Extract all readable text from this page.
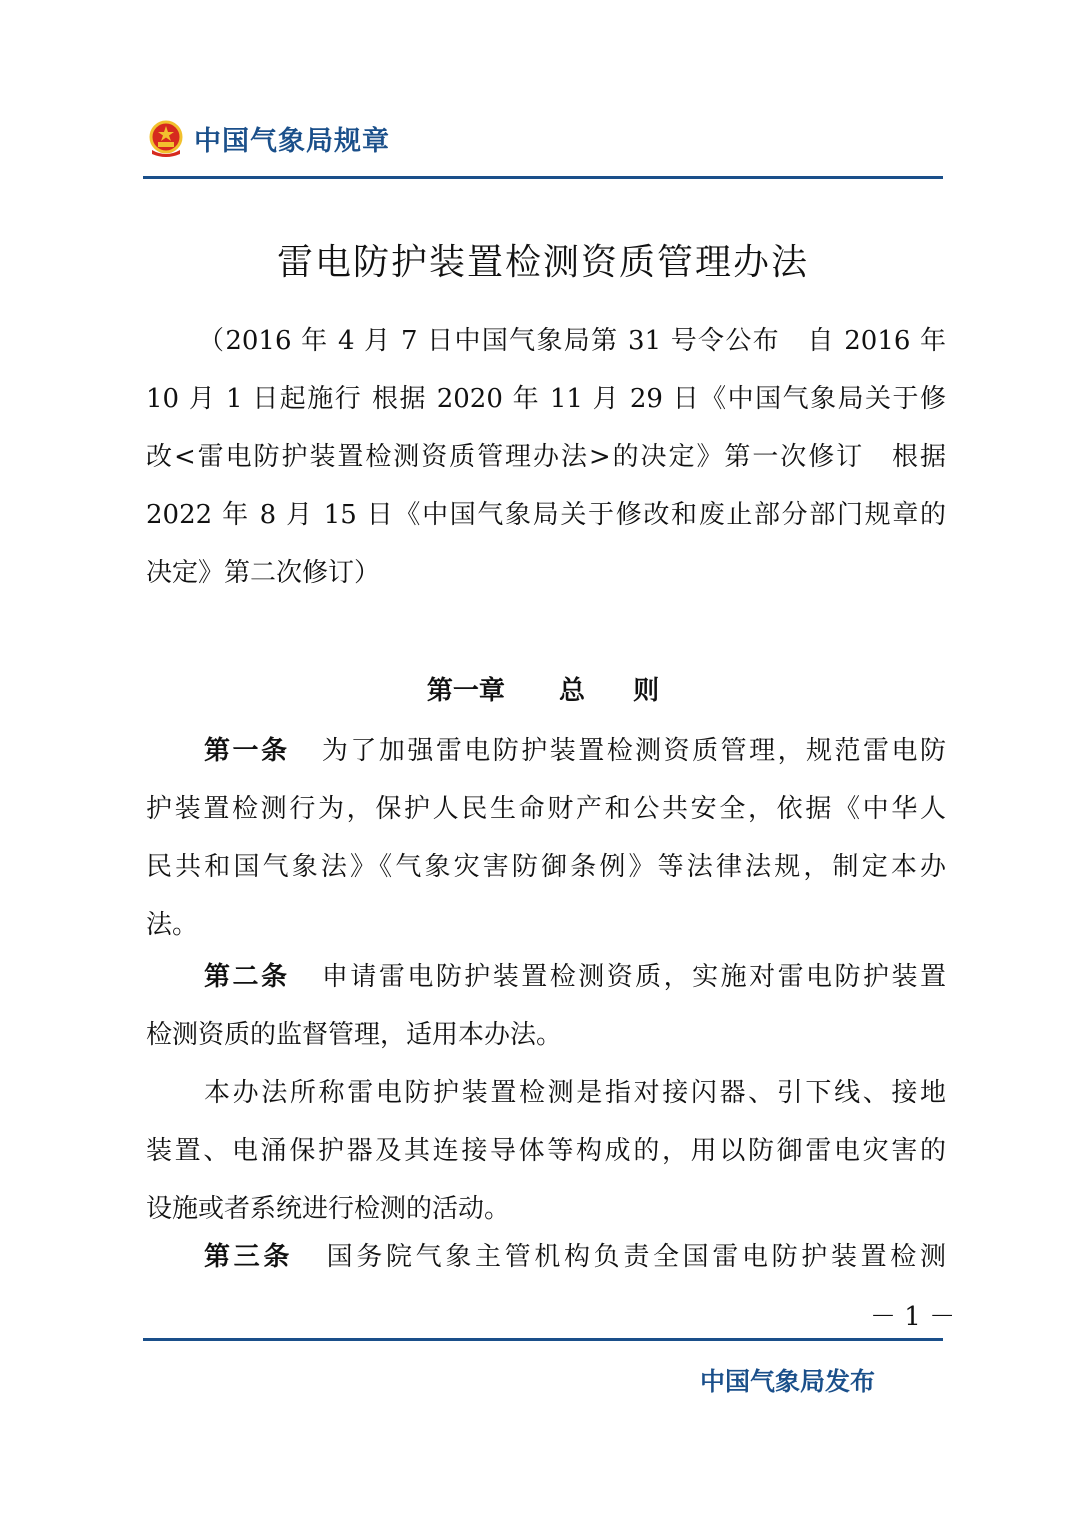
中国气象局规章
雷电防护装置检测资质管理办法
（2016 年 4 月 7 日中国气象局第 31 号令公布　自 2016 年
10 月 1 日起施行 根据 2020 年 11 月 29 日《中国气象局关于修
改<雷电防护装置检测资质管理办法>的决定》第一次修订　根据
2022 年 8 月 15 日《中国气象局关于修改和废止部分部门规章的
决定》第二次修订）
第一章 总 则
第一条 为了加强雷电防护装置检测资质管理，规范雷电防
护装置检测行为，保护人民生命财产和公共安全，依据《中华人
民共和国气象法》《气象灾害防御条例》等法律法规，制定本办
法。
第二条 申请雷电防护装置检测资质，实施对雷电防护装置
检测资质的监督管理，适用本办法。
本办法所称雷电防护装置检测是指对接闪器、引下线、接地
装置、电涌保护器及其连接导体等构成的，用以防御雷电灾害的
设施或者系统进行检测的活动。
第三条 国务院气象主管机构负责全国雷电防护装置检测
－ 1 －
中国气象局发布
